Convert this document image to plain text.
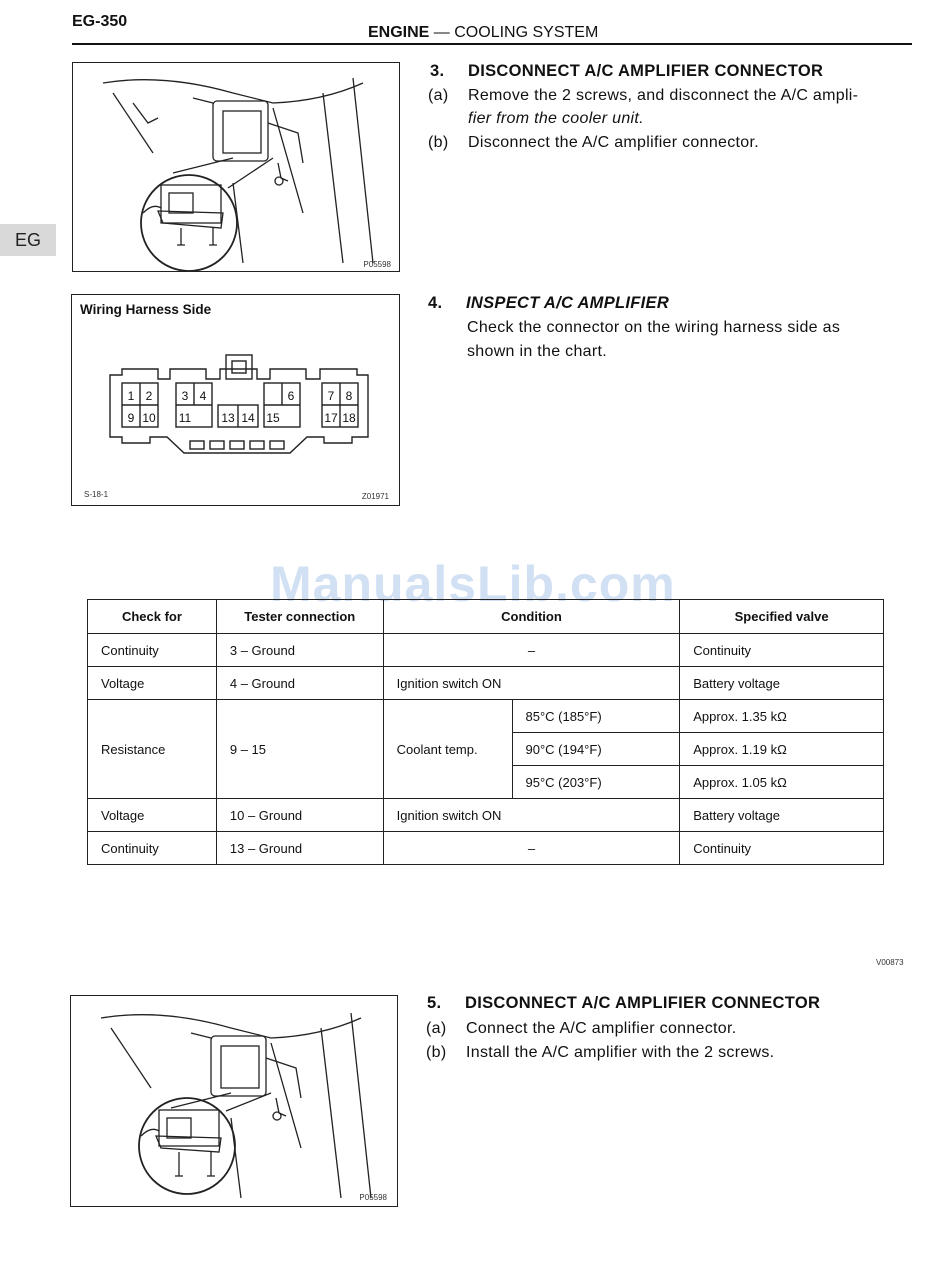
EG-350
ENGINE — COOLING SYSTEM
EG
P05598
3. DISCONNECT A/C AMPLIFIER CONNECTOR
(a) Remove the 2 screws, and disconnect the A/C ampli-
fier from the cooler unit.
(b) Disconnect the A/C amplifier connector.
Wiring Harness Side
1 2 3 4	6	7 8
9 10 11	13 14 15	17 18
S-18-1	Z01971
4. INSPECT A/C AMPLIFIER
Check the connector on the wiring harness side as
shown in the chart.
ManualsLib.com
Check for	Tester connection	Condition		Specified valve
Continuity	3 – Ground	–		Continuity
Voltage	4 – Ground	Ignition switch ON		Battery voltage
Resistance	9 – 15	Coolant temp.	85°C (185°F)	Approx. 1.35 kΩ
			90°C (194°F)	Approx. 1.19 kΩ
			95°C (203°F)	Approx. 1.05 kΩ
Voltage	10 – Ground	Ignition switch ON		Battery voltage
Continuity	13 – Ground	–		Continuity
V00873
P05598
5. DISCONNECT A/C AMPLIFIER CONNECTOR
(a) Connect the A/C amplifier connector.
(b) Install the A/C amplifier with the 2 screws.
